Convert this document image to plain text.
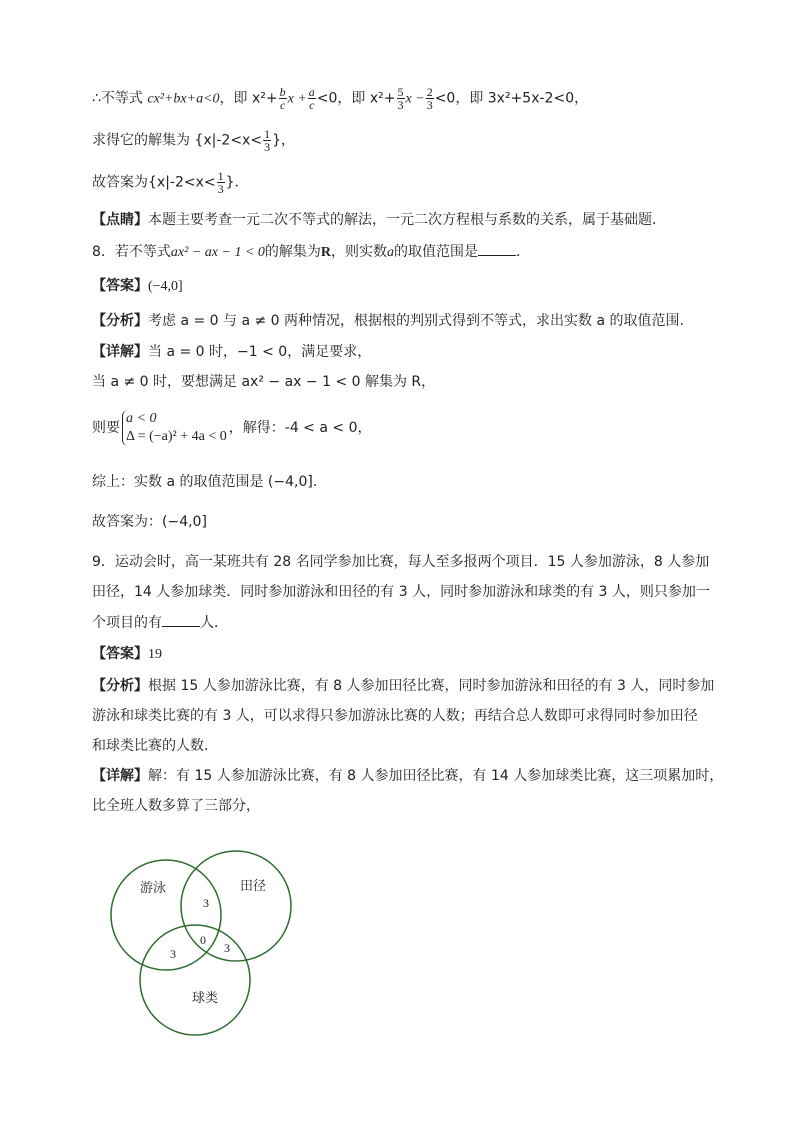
∴不等式 cx²+bx+a<0，即 $x^2+ \frac{b}{c}$ $x + \frac{a}{c} <0$，即 $x^2+ \frac{5}{3}$ $x - \frac{2}{3} <0$，即 3x²+5x-2<0，
求得它的解集为 {$x|-2<x< \frac{1}{3}$ }，
故答案为{$x|-2<x< \frac{1}{3}$ }．
【点睛】本题主要考查一元二次不等式的解法，一元二次方程根与系数的关系，属于基础题．
8．若不等式ax² − ax − 1 < 0的解集为R，则实数a的取值范围是	．
【答案】(−4,0]
【分析】考虑 a = 0 与 a ≠ 0 两种情况，根据根的判别式得到不等式，求出实数 a 的取值范围.
【详解】当 a = 0 时，−1 < 0，满足要求，
当 a ≠ 0 时，要想满足 ax² − ax − 1 < 0 解集为 R，
则要
a < 0
Δ = (−a)² + 4a < 0
，解得：-4 < a < 0，
综上：实数 a 的取值范围是 (−4,0].
故答案为：(−4,0]
9．运动会时，高一某班共有 28 名同学参加比赛，每人至多报两个项目．15 人参加游泳，8 人参加
田径，14 人参加球类．同时参加游泳和田径的有 3 人，同时参加游泳和球类的有 3 人，则只参加一
个项目的有	人．
【答案】19
【分析】根据 15 人参加游泳比赛，有 8 人参加田径比赛，同时参加游泳和田径的有 3 人，同时参加
游泳和球类比赛的有 3 人，可以求得只参加游泳比赛的人数；再结合总人数即可求得同时参加田径
和球类比赛的人数．
【详解】解：有 15 人参加游泳比赛，有 8 人参加田径比赛，有 14 人参加球类比赛，这三项累加时，
比全班人数多算了三部分，
游泳	田径
球类
3
0
3	3
